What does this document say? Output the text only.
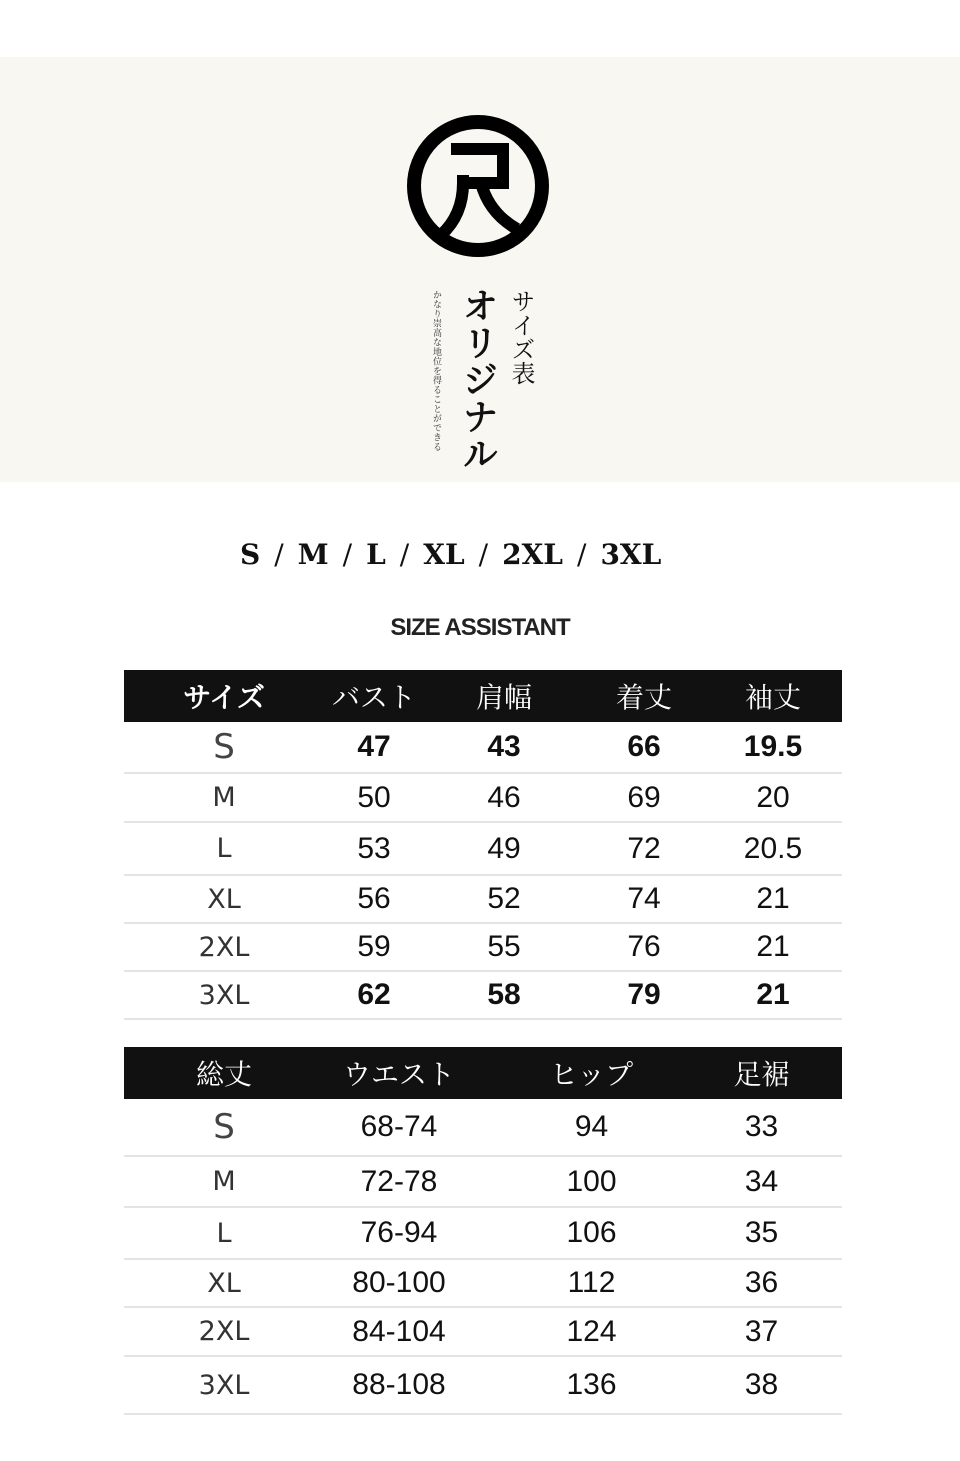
オリジナル サイズ表
かなり崇高な地位を得ることができる
S / M / L / XL / 2XL / 3XL
SIZE ASSISTANT
サイズ	バスト	肩幅	着丈	袖丈
S	47	43	66	19.5
M	50	46	69	20
L	53	49	72	20.5
XL	56	52	74	21
2XL	59	55	76	21
3XL	62	58	79	21
総丈	ウエスト	ヒップ	足裾
S	68-74	94	33
M	72-78	100	34
L	76-94	106	35
XL	80-100	112	36
2XL	84-104	124	37
3XL	88-108	136	38
